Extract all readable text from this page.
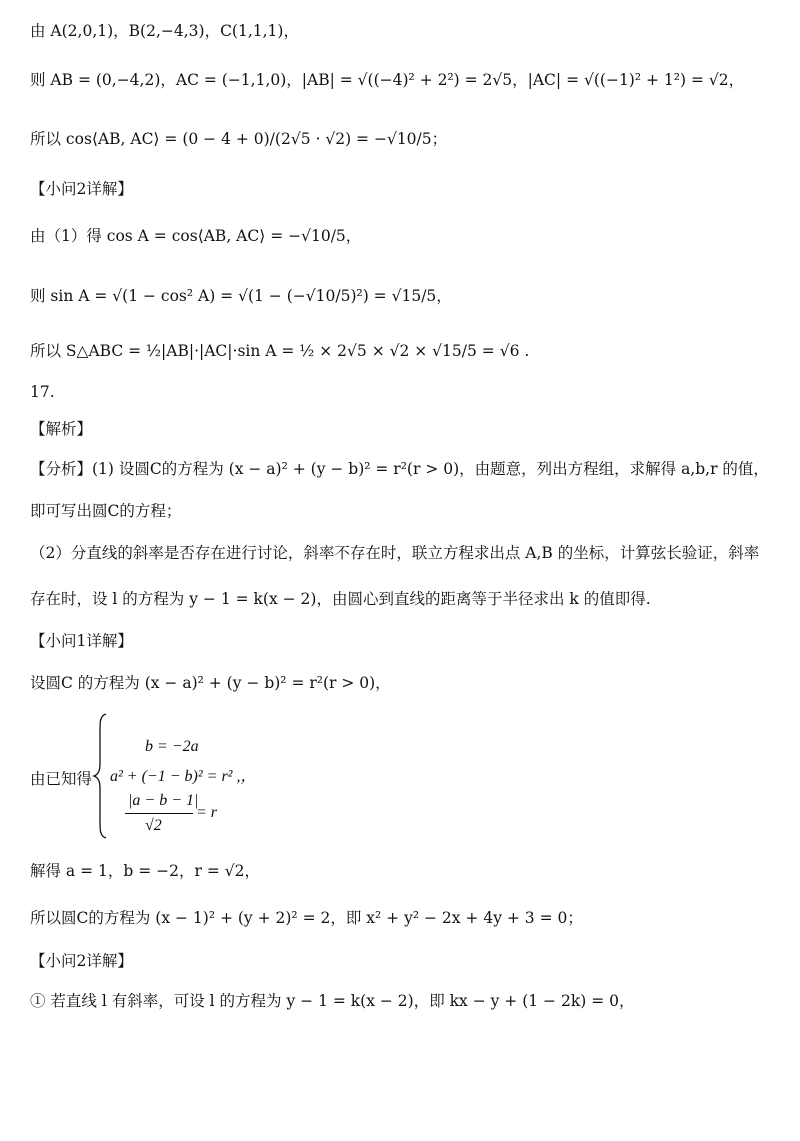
由 A(2,0,1)，B(2,−4,3)，C(1,1,1)，
则 AB = (0,−4,2)，AC = (−1,1,0)，|AB| = √((−4)² + 2²) = 2√5，|AC| = √((−1)² + 1²) = √2，
所以 cos⟨AB, AC⟩ = (0 − 4 + 0)/(2√5 · √2) = −√10/5；
【小问2详解】
由（1）得 cos A = cos⟨AB, AC⟩ = −√10/5，
则 sin A = √(1 − cos² A) = √(1 − (−√10/5)²) = √15/5，
所以 S△ABC = ½|AB|·|AC|·sin A = ½ × 2√5 × √2 × √15/5 = √6 .
17.
【解析】
【分析】(1) 设圆C的方程为 (x − a)² + (y − b)² = r²(r > 0)，由题意，列出方程组，求解得 a,b,r 的值，
即可写出圆C的方程；
（2）分直线的斜率是否存在进行讨论，斜率不存在时，联立方程求出点 A,B 的坐标，计算弦长验证，斜率
存在时，设 l 的方程为 y − 1 = k(x − 2)，由圆心到直线的距离等于半径求出 k 的值即得.
【小问1详解】
设圆C 的方程为 (x − a)² + (y − b)² = r²(r > 0)，
由已知得
b = −2a
a² + (−1 − b)² = r² ,，
|a − b − 1|
√2
= r
解得 a = 1，b = −2，r = √2，
所以圆C的方程为 (x − 1)² + (y + 2)² = 2，即 x² + y² − 2x + 4y + 3 = 0；
【小问2详解】
① 若直线 l 有斜率，可设 l 的方程为 y − 1 = k(x − 2)，即 kx − y + (1 − 2k) = 0，
